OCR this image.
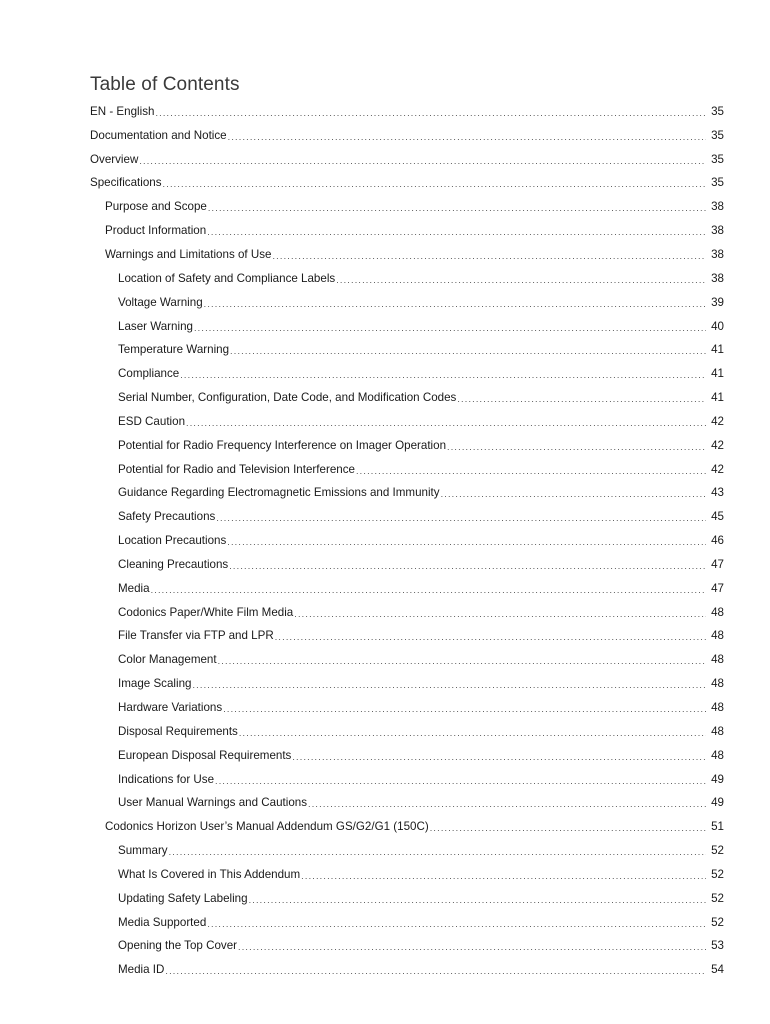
Table of Contents
EN - English .....	35
Documentation and Notice .....	35
Overview .....	35
Specifications .....	35
Purpose and Scope .....	38
Product Information .....	38
Warnings and Limitations of Use .....	38
Location of Safety and Compliance Labels .....	38
Voltage Warning .....	39
Laser Warning .....	40
Temperature Warning .....	41
Compliance .....	41
Serial Number, Configuration, Date Code, and Modification Codes .....	41
ESD Caution .....	42
Potential for Radio Frequency Interference on Imager Operation .....	42
Potential for Radio and Television Interference .....	42
Guidance Regarding Electromagnetic Emissions and Immunity .....	43
Safety Precautions .....	45
Location Precautions .....	46
Cleaning Precautions .....	47
Media .....	47
Codonics Paper/White Film Media .....	48
File Transfer via FTP and LPR .....	48
Color Management .....	48
Image Scaling .....	48
Hardware Variations .....	48
Disposal Requirements .....	48
European Disposal Requirements .....	48
Indications for Use .....	49
User Manual Warnings and Cautions .....	49
Codonics Horizon User’s Manual Addendum GS/G2/G1 (150C) .....	51
Summary .....	52
What Is Covered in This Addendum .....	52
Updating Safety Labeling .....	52
Media Supported .....	52
Opening the Top Cover .....	53
Media ID .....	54
